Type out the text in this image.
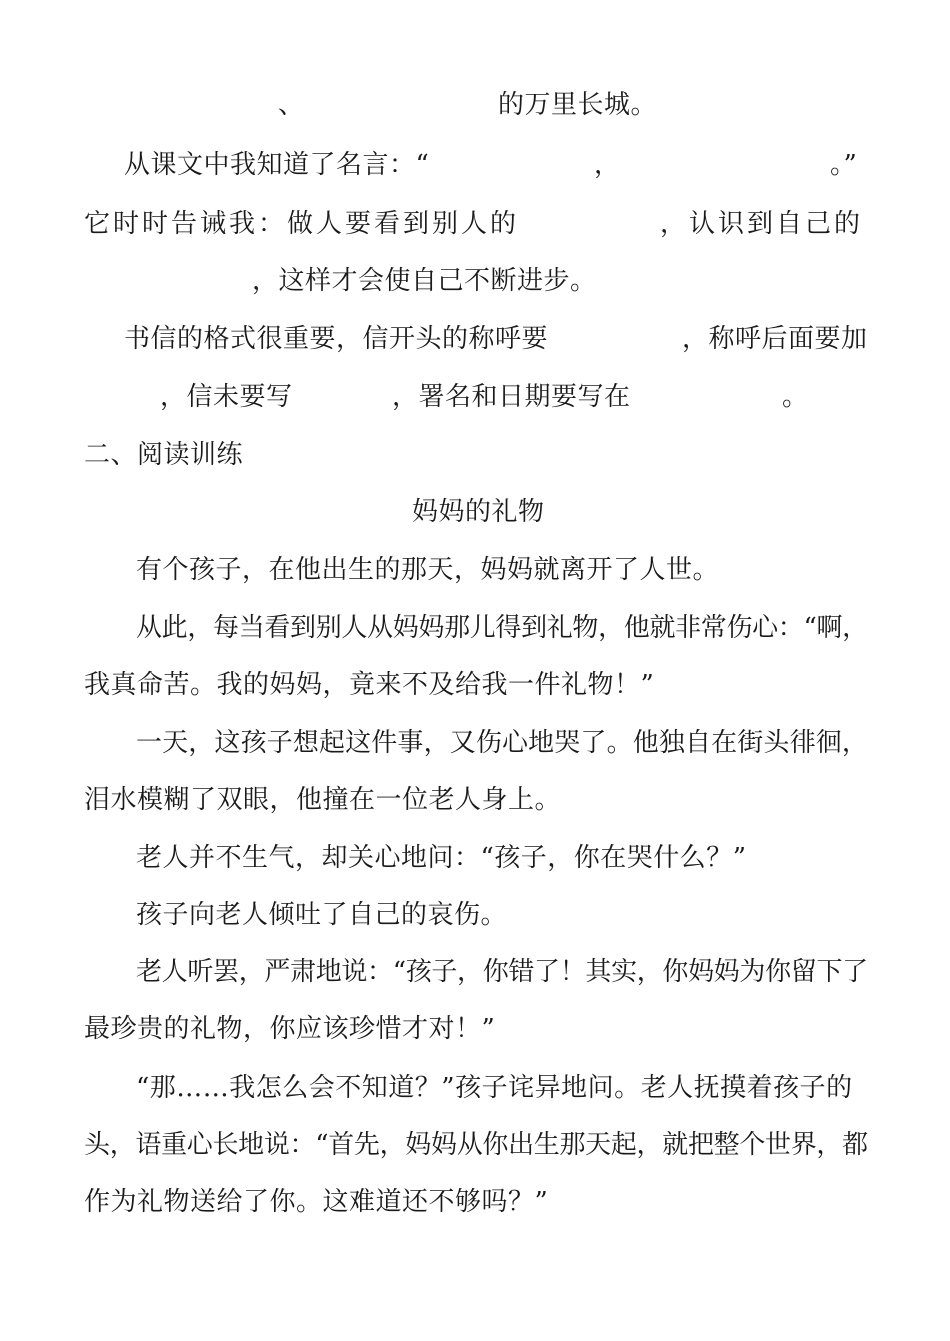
、	的万里长城。
从课文中我知道了名言：“	，	。”
它时时告诫我：做人要看到别人的	，认识到自己的
，这样才会使自己不断进步。
书信的格式很重要，信开头的称呼要	，称呼后面要加
，信未要写	，署名和日期要写在	。
二、阅读训练
妈妈的礼物
有个孩子，在他出生的那天，妈妈就离开了人世。
从此，每当看到别人从妈妈那儿得到礼物，他就非常伤心：“啊，
我真命苦。我的妈妈，竟来不及给我一件礼物！”
一天，这孩子想起这件事，又伤心地哭了。他独自在街头徘徊，
泪水模糊了双眼，他撞在一位老人身上。
老人并不生气，却关心地问：“孩子，你在哭什么？”
孩子向老人倾吐了自己的哀伤。
老人听罢，严肃地说：“孩子，你错了！其实，你妈妈为你留下了
最珍贵的礼物，你应该珍惜才对！”
“那……我怎么会不知道？”孩子诧异地问。老人抚摸着孩子的
头，语重心长地说：“首先，妈妈从你出生那天起，就把整个世界，都
作为礼物送给了你。这难道还不够吗？”
